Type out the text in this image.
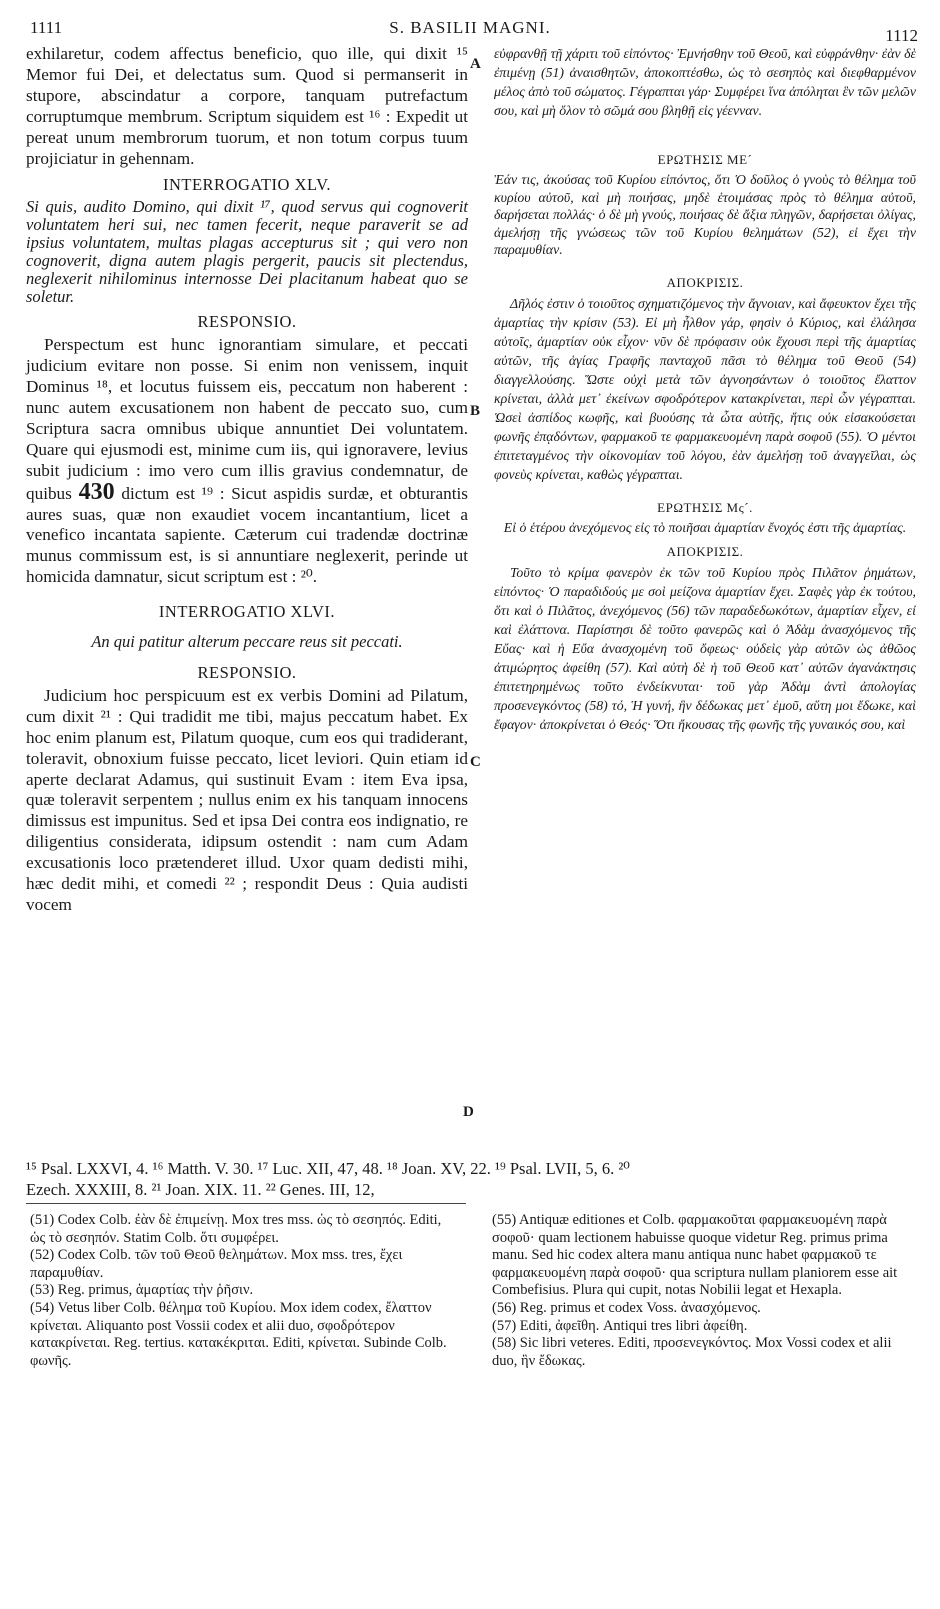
1111	S. BASILII MAGNI.	1112

exhilaretur, codem affectus beneficio, quo ille, qui dixit ¹⁵ Memor fui Dei, et delectatus sum. Quod si permanserit in stupore, abscindatur a corpore, tanquam putrefactum corruptumque membrum. Scriptum siquidem est ¹⁶ : Expedit ut pereat unum membrorum tuorum, et non totum corpus tuum projiciatur in gehennam.

INTERROGATIO XLV.

Si quis, audito Domino, qui dixit ¹⁷, quod servus qui cognoverit voluntatem heri sui, nec tamen fecerit, neque paraverit se ad ipsius voluntatem, multas plagas accepturus sit ; qui vero non cognoverit, digna autem plagis pergerit, paucis sit plectendus, neglexerit nihilominus internosse Dei placitanum habeat quo se soletur.

RESPONSIO.

Perspectum est hunc ignorantiam simulare, et peccati judicium evitare non posse. Si enim non venissem, inquit Dominus ¹⁸, et locutus fuissem eis, peccatum non haberent : nunc autem excusationem non habent de peccato suo, cum Scriptura sacra omnibus ubique annuntiet Dei voluntatem. Quare qui ejusmodi est, minime cum iis, qui ignoravere, levius subit judicium : imo vero cum illis gravius condemnatur, de quibus 430 dictum est ¹⁹ : Sicut aspidis surdæ, et obturantis aures suas, quæ non exaudiet vocem incantantium, licet a venefico incantata sapiente. Cæterum cui tradendæ doctrinæ munus commissum est, is si annuntiare neglexerit, perinde ut homicida damnatur, sicut scriptum est : ²⁰.

INTERROGATIO XLVI.

An qui patitur alterum peccare reus sit peccati.

RESPONSIO.

Judicium hoc perspicuum est ex verbis Domini ad Pilatum, cum dixit ²¹ : Qui tradidit me tibi, majus peccatum habet. Ex hoc enim planum est, Pilatum quoque, cum eos qui tradiderant, toleravit, obnoxium fuisse peccato, licet leviori. Quin etiam id aperte declarat Adamus, qui sustinuit Evam : item Eva ipsa, quæ toleravit serpentem ; nullus enim ex his tanquam innocens dimissus est impunitus. Sed et ipsa Dei contra eos indignatio, re diligentius considerata, idipsum ostendit : nam cum Adam excusationis loco prætenderet illud. Uxor quam dedisti mihi, hæc dedit mihi, et comedi ²² ; respondit Deus : Quia audisti vocem

A
B
C
D

εὐφρανθῇ τῇ χάριτι τοῦ εἰπόντος· Ἐμνήσθην τοῦ Θεοῦ, καὶ εὐφράνθην· ἐὰν δὲ ἐπιμένῃ (51) ἀναισθητῶν, ἀποκοπτέσθω, ὡς τὸ σεσηπὸς καὶ διεφθαρμένον μέλος ἀπὸ τοῦ σώματος. Γέγραπται γάρ· Συμφέρει ἵνα ἀπόληται ἓν τῶν μελῶν σου, καὶ μὴ ὅλον τὸ σῶμά σου βληθῇ εἰς γέενναν.

ΕΡΩΤΗΣΙΣ ΜΕ´

Ἐάν τις, ἀκούσας τοῦ Κυρίου εἰπόντος, ὅτι Ὁ δοῦλος ὁ γνοὺς τὸ θέλημα τοῦ κυρίου αὐτοῦ, καὶ μὴ ποιήσας, μηδὲ ἑτοιμάσας πρὸς τὸ θέλημα αὐτοῦ, δαρήσεται πολλάς· ὁ δὲ μὴ γνούς, ποιήσας δὲ ἄξια πληγῶν, δαρήσεται ὀλίγας, ἀμελήσῃ τῆς γνώσεως τῶν τοῦ Κυρίου θελημάτων (52), εἰ ἔχει τὴν παραμυθίαν.

ΑΠΟΚΡΙΣΙΣ.

Δῆλός ἐστιν ὁ τοιοῦτος σχηματιζόμενος τὴν ἄγνοιαν, καὶ ἄφευκτον ἔχει τῆς ἁμαρτίας τὴν κρίσιν (53). Εἰ μὴ ἦλθον γάρ, φησὶν ὁ Κύριος, καὶ ἐλάλησα αὐτοῖς, ἁμαρτίαν οὐκ εἶχον· νῦν δὲ πρόφασιν οὐκ ἔχουσι περὶ τῆς ἁμαρτίας αὐτῶν, τῆς ἁγίας Γραφῆς πανταχοῦ πᾶσι τὸ θέλημα τοῦ Θεοῦ (54) διαγγελλούσης. Ὥστε οὐχὶ μετὰ τῶν ἀγνοησάντων ὁ τοιοῦτος ἔλαττον κρίνεται, ἀλλὰ μετ᾽ ἐκείνων σφοδρότερον κατακρίνεται, περὶ ὧν γέγραπται. Ὡσεὶ ἀσπίδος κωφῆς, καὶ βυούσης τὰ ὦτα αὐτῆς, ἥτις οὐκ εἰσακούσεται φωνῆς ἐπᾳδόντων, φαρμακοῦ τε φαρμακευομένη παρὰ σοφοῦ (55). Ὁ μέντοι ἐπιτεταγμένος τὴν οἰκονομίαν τοῦ λόγου, ἐὰν ἀμελήσῃ τοῦ ἀναγγεῖλαι, ὡς φονεὺς κρίνεται, καθὼς γέγραπται.

ΕΡΩΤΗΣΙΣ Μς´.

Εἰ ὁ ἑτέρου ἀνεχόμενος εἰς τὸ ποιῆσαι ἁμαρτίαν ἔνοχός ἐστι τῆς ἁμαρτίας.

ΑΠΟΚΡΙΣΙΣ.

Τοῦτο τὸ κρίμα φανερὸν ἐκ τῶν τοῦ Κυρίου πρὸς Πιλᾶτον ῥημάτων, εἰπόντος· Ὁ παραδιδούς με σοὶ μείζονα ἁμαρτίαν ἔχει. Σαφὲς γὰρ ἐκ τούτου, ὅτι καὶ ὁ Πιλᾶτος, ἀνεχόμενος (56) τῶν παραδεδωκότων, ἁμαρτίαν εἶχεν, εἰ καὶ ἐλάττονα. Παρίστησι δὲ τοῦτο φανερῶς καὶ ὁ Ἀδὰμ ἀνασχόμενος τῆς Εὔας· καὶ ἡ Εὔα ἀνασχομένη τοῦ ὄφεως· οὐδεὶς γὰρ αὐτῶν ὡς ἀθῶος ἀτιμώρητος ἀφείθη (57). Καὶ αὐτὴ δὲ ἡ τοῦ Θεοῦ κατ᾽ αὐτῶν ἀγανάκτησις ἐπιτετηρημένως τοῦτο ἐνδείκνυται· τοῦ γὰρ Ἀδὰμ ἀντὶ ἀπολογίας προσενεγκόντος (58) τό, Ἡ γυνή, ἣν δέδωκας μετ᾽ ἐμοῦ, αὕτη μοι ἔδωκε, καὶ ἔφαγον· ἀποκρίνεται ὁ Θεός· Ὅτι ἤκουσας τῆς φωνῆς τῆς γυναικός σου, καὶ

¹⁵ Psal. LXXVI, 4. ¹⁶ Matth. V. 30. ¹⁷ Luc. XII, 47, 48. ¹⁸ Joan. XV, 22. ¹⁹ Psal. LVII, 5, 6. ²⁰

Ezech. XXXIII, 8. ²¹ Joan. XIX. 11. ²² Genes. III, 12,

(51) Codex Colb. ἐὰν δὲ ἐπιμείνῃ. Mox tres mss. ὡς τὸ σεσηπός. Editi, ὡς τὸ σεσηπόν. Statim Colb. ὅτι συμφέρει.

(52) Codex Colb. τῶν τοῦ Θεοῦ θελημάτων. Mox mss. tres, ἔχει παραμυθίαν.

(53) Reg. primus, ἁμαρτίας τὴν ῥῆσιν.

(54) Vetus liber Colb. θέλημα τοῦ Κυρίου. Mox idem codex, ἔλαττον κρίνεται. Aliquanto post Vossii codex et alii duo, σφοδρότερον κατακρίνεται. Reg. tertius. κατακέκριται. Editi, κρίνεται. Subinde Colb. φωνῆς.

(55) Antiquæ editiones et Colb. φαρμακοῦται φαρμακευομένη παρὰ σοφοῦ· quam lectionem habuisse quoque videtur Reg. primus prima manu. Sed hic codex altera manu antiqua nunc habet φαρμακοῦ τε φαρμακευομένη παρὰ σοφοῦ· qua scriptura nullam planiorem esse ait Combefisius. Plura qui cupit, notas Nobilii legat et Hexapla.

(56) Reg. primus et codex Voss. ἀνασχόμενος.

(57) Editi, ἀφεῖθη. Antiqui tres libri ἀφείθη.

(58) Sic libri veteres. Editi, προσενεγκόντος. Mox Vossi codex et alii duo, ἣν ἔδωκας.
